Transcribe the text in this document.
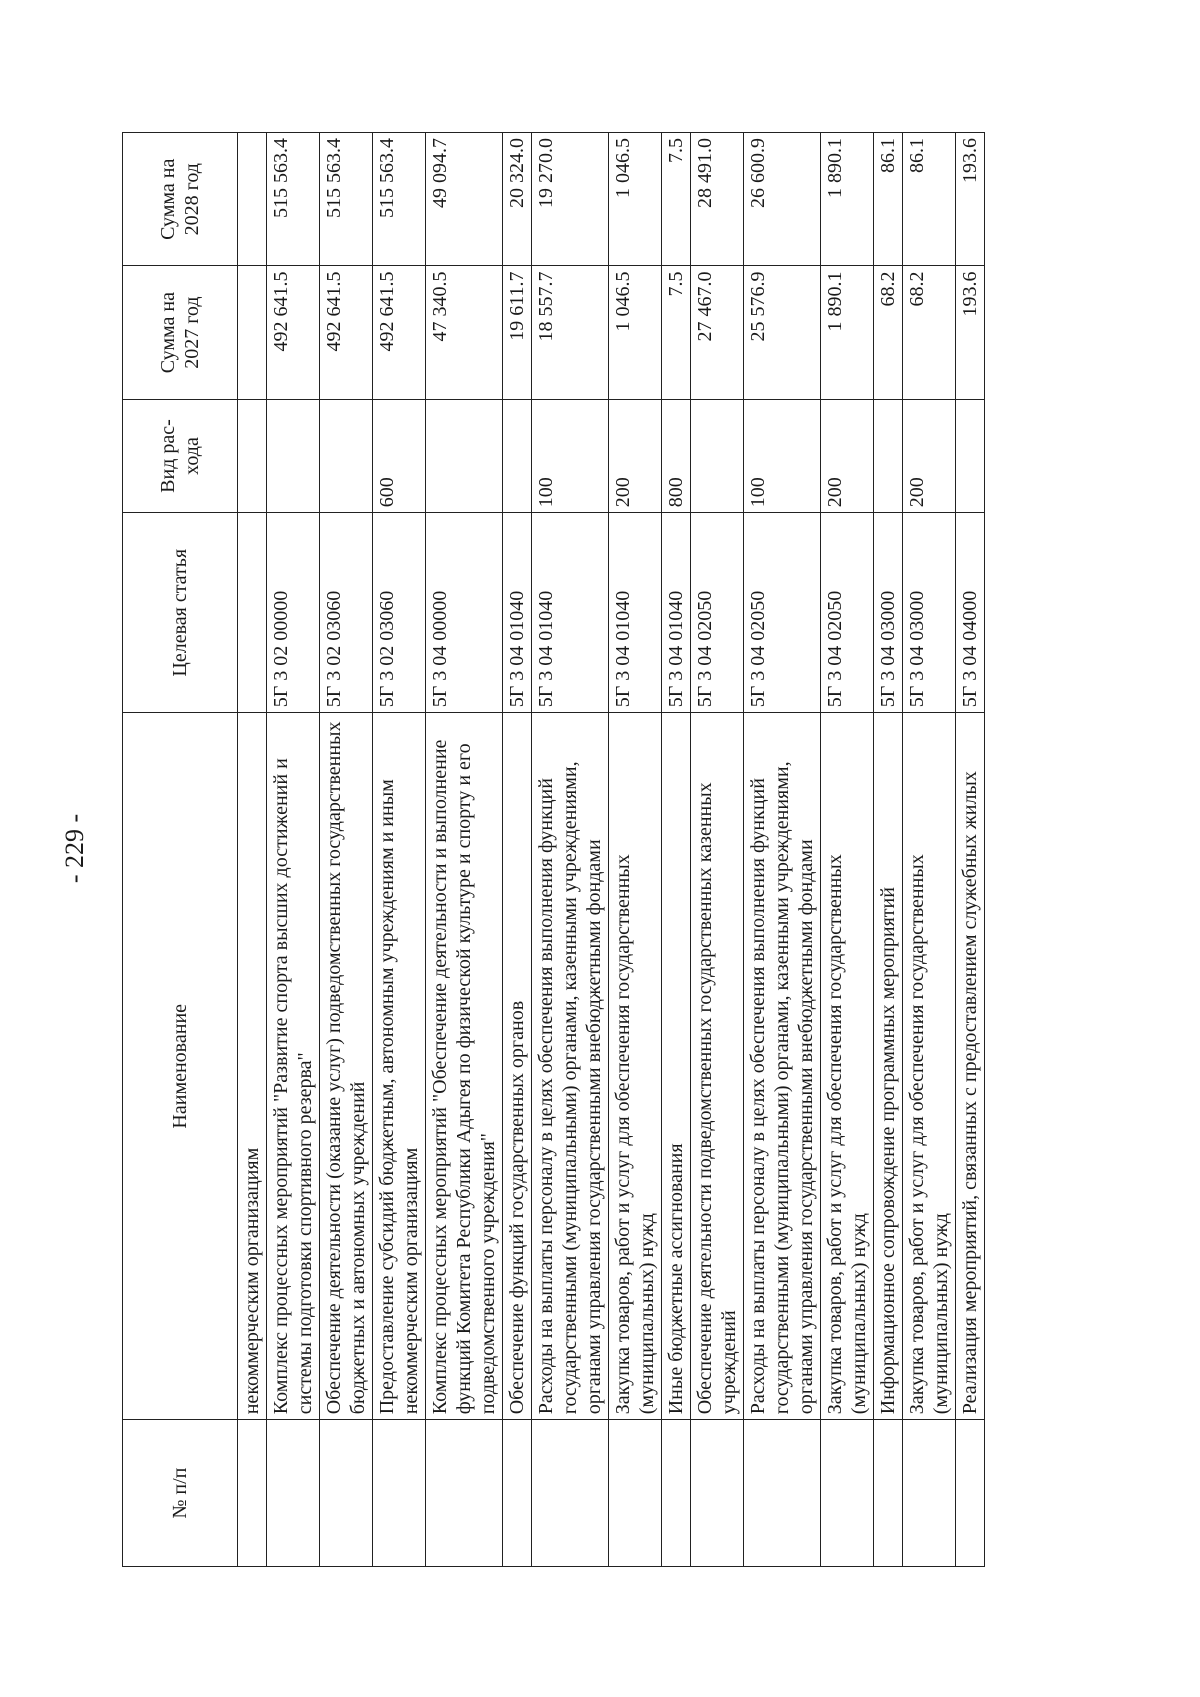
- 229 -
№ п/п	Наименование	Целевая статья	Вид рас-хода	Сумма на 2027 год	Сумма на 2028 год
	некоммерческим организациям				
	Комплекс процессных мероприятий "Развитие спорта высших достижений и системы подготовки спортивного резерва"	5Г 3 02 00000		492 641.5	515 563.4
	Обеспечение деятельности (оказание услуг) подведомственных государственных бюджетных и автономных учреждений	5Г 3 02 03060		492 641.5	515 563.4
	Предоставление субсидий бюджетным, автономным учреждениям и иным некоммерческим организациям	5Г 3 02 03060	600	492 641.5	515 563.4
	Комплекс процессных мероприятий "Обеспечение деятельности и выполнение функций Комитета Республики Адыгея по физической культуре и спорту и его подведомственного учреждения"	5Г 3 04 00000		47 340.5	49 094.7
	Обеспечение функций государственных органов	5Г 3 04 01040		19 611.7	20 324.0
	Расходы на выплаты персоналу в целях обеспечения выполнения функций государственными (муниципальными) органами, казенными учреждениями, органами управления государственными внебюджетными фондами	5Г 3 04 01040	100	18 557.7	19 270.0
	Закупка товаров, работ и услуг для обеспечения государственных (муниципальных) нужд	5Г 3 04 01040	200	1 046.5	1 046.5
	Иные бюджетные ассигнования	5Г 3 04 01040	800	7.5	7.5
	Обеспечение деятельности подведомственных государственных казенных учреждений	5Г 3 04 02050		27 467.0	28 491.0
	Расходы на выплаты персоналу в целях обеспечения выполнения функций государственными (муниципальными) органами, казенными учреждениями, органами управления государственными внебюджетными фондами	5Г 3 04 02050	100	25 576.9	26 600.9
	Закупка товаров, работ и услуг для обеспечения государственных (муниципальных) нужд	5Г 3 04 02050	200	1 890.1	1 890.1
	Информационное сопровождение программных мероприятий	5Г 3 04 03000		68.2	86.1
	Закупка товаров, работ и услуг для обеспечения государственных (муниципальных) нужд	5Г 3 04 03000	200	68.2	86.1
	Реализация мероприятий, связанных с предоставлением служебных жилых	5Г 3 04 04000		193.6	193.6
